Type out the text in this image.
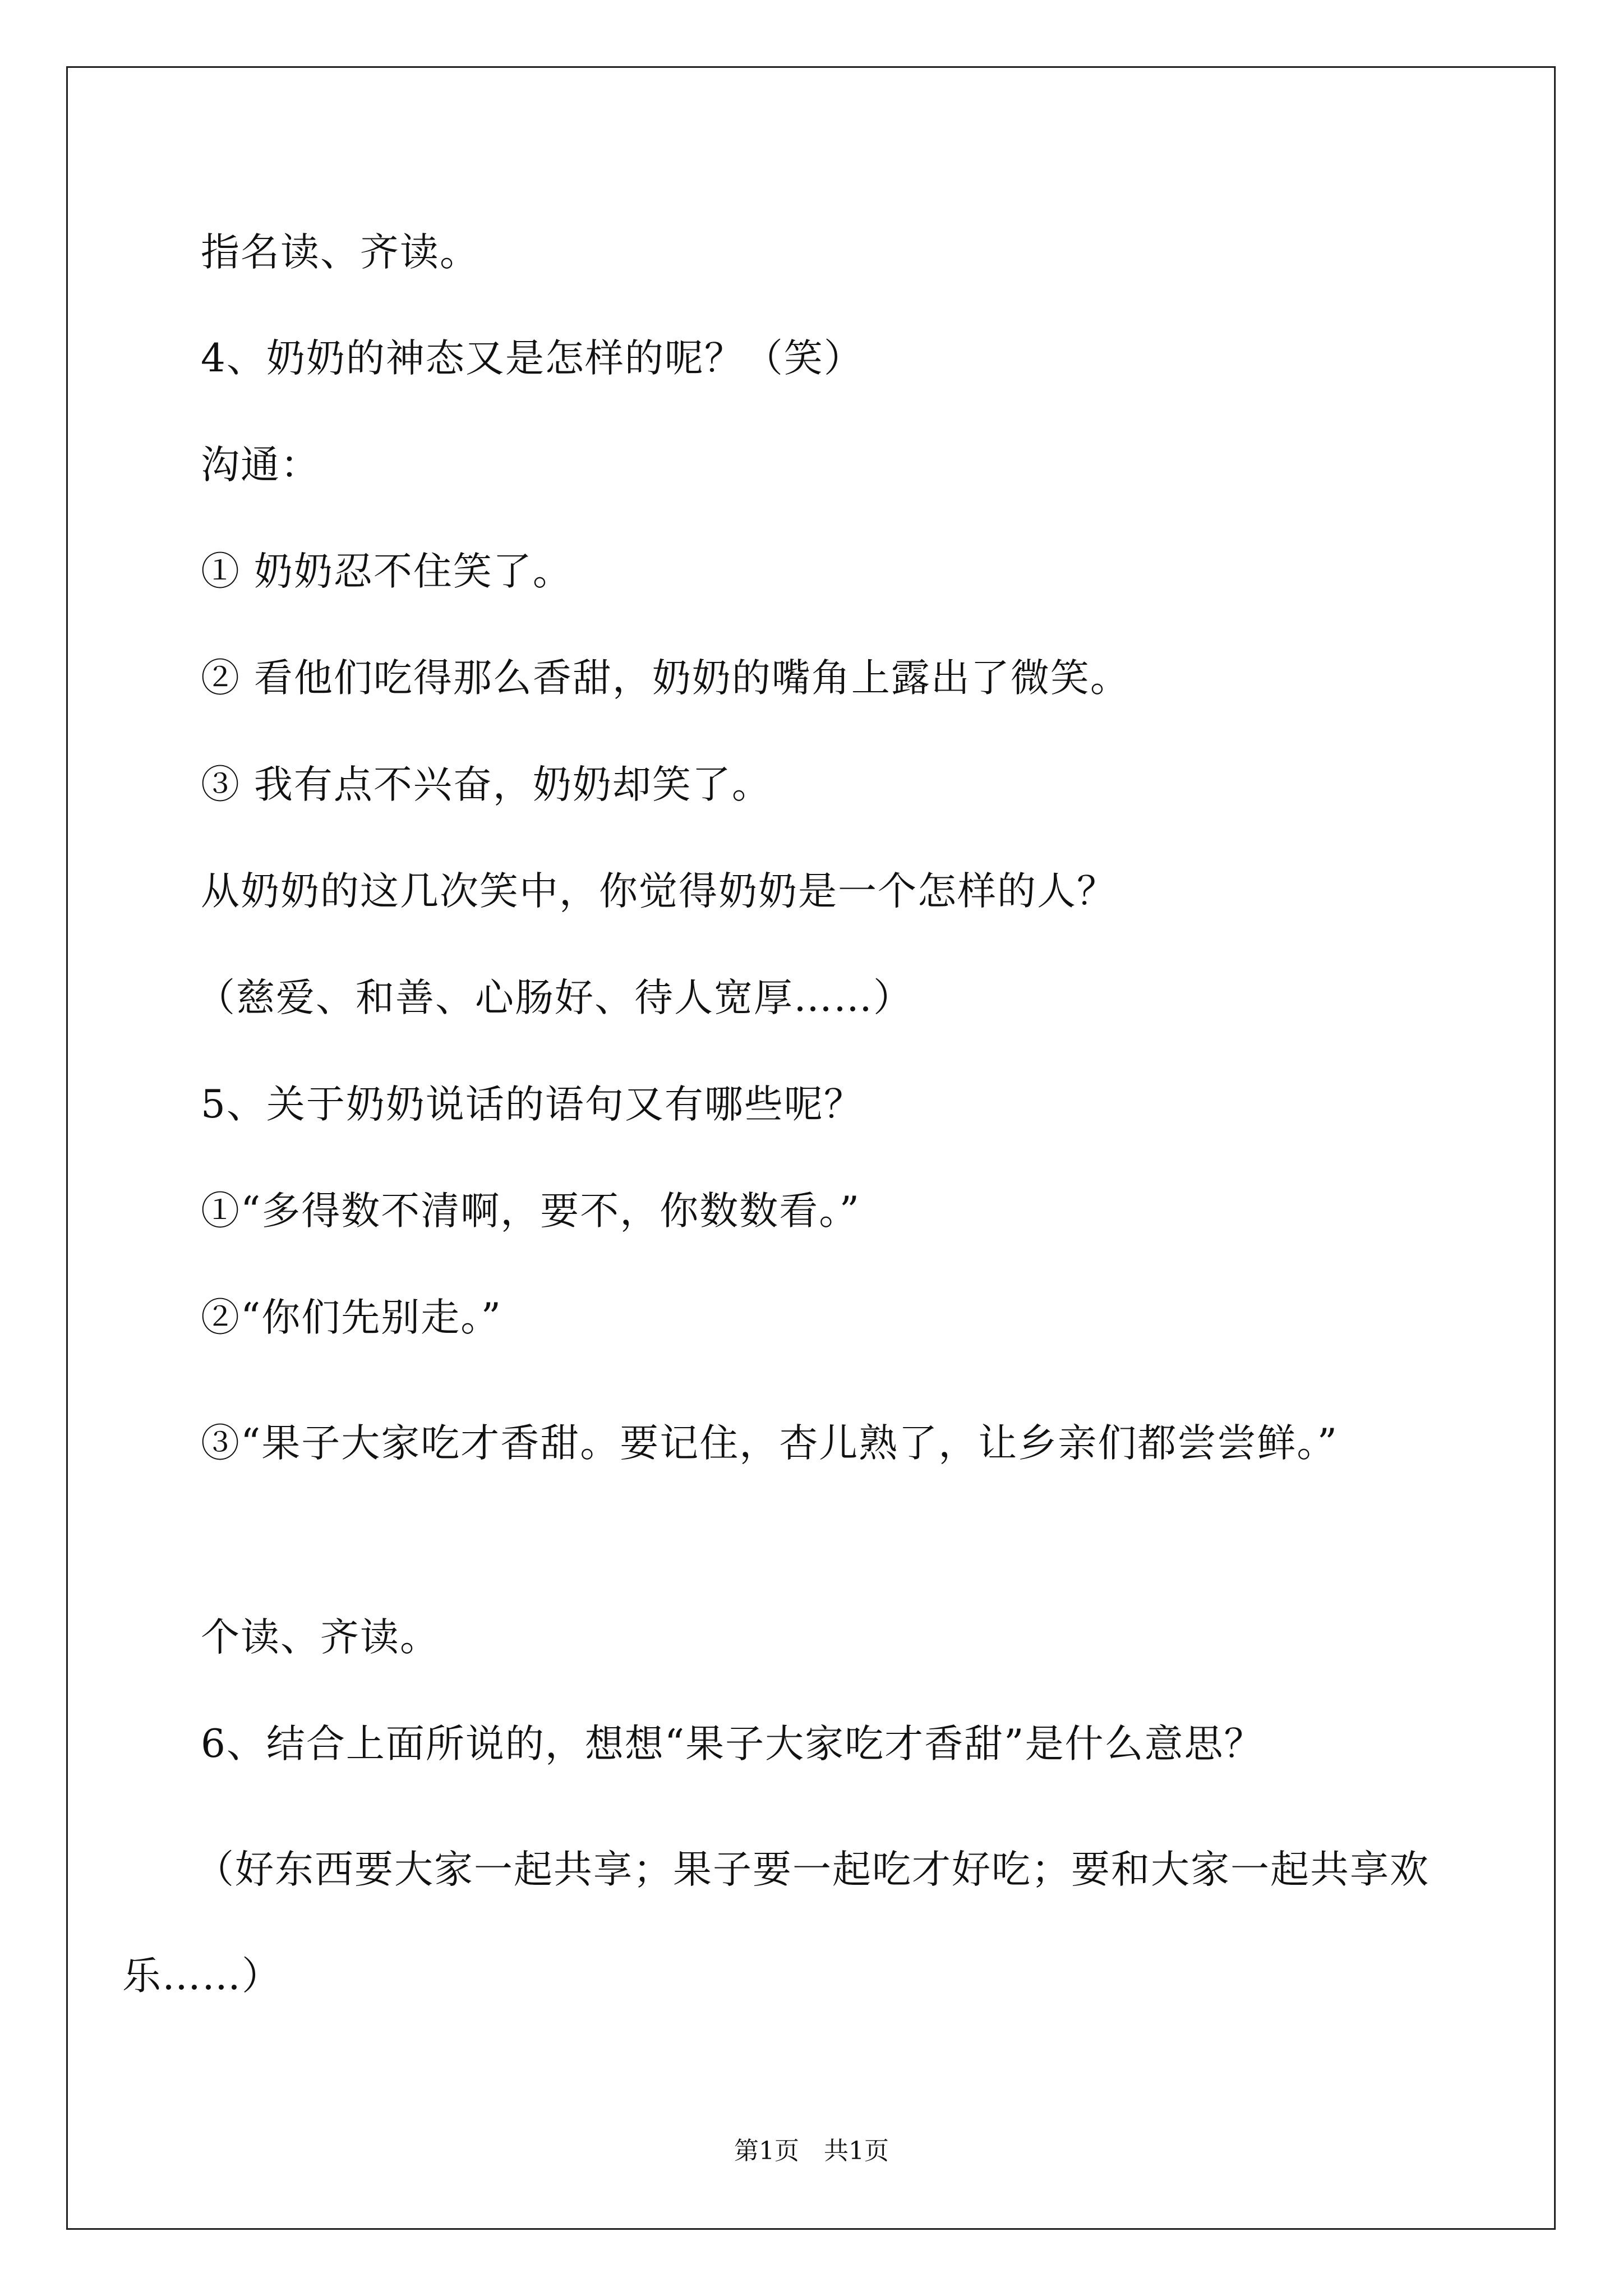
指名读、齐读。
4、奶奶的神态又是怎样的呢？（笑）
沟通：
① 奶奶忍不住笑了。
② 看他们吃得那么香甜，奶奶的嘴角上露出了微笑。
③ 我有点不兴奋，奶奶却笑了。
从奶奶的这几次笑中，你觉得奶奶是一个怎样的人？
（慈爱、和善、心肠好、待人宽厚……）
5、关于奶奶说话的语句又有哪些呢？
①“多得数不清啊，要不，你数数看。”
②“你们先别走。”
③“果子大家吃才香甜。要记住，杏儿熟了，让乡亲们都尝尝鲜。”
个读、齐读。
6、结合上面所说的，想想“果子大家吃才香甜”是什么意思？
（好东西要大家一起共享；果子要一起吃才好吃；要和大家一起共享欢乐……）
第1页　共1页
